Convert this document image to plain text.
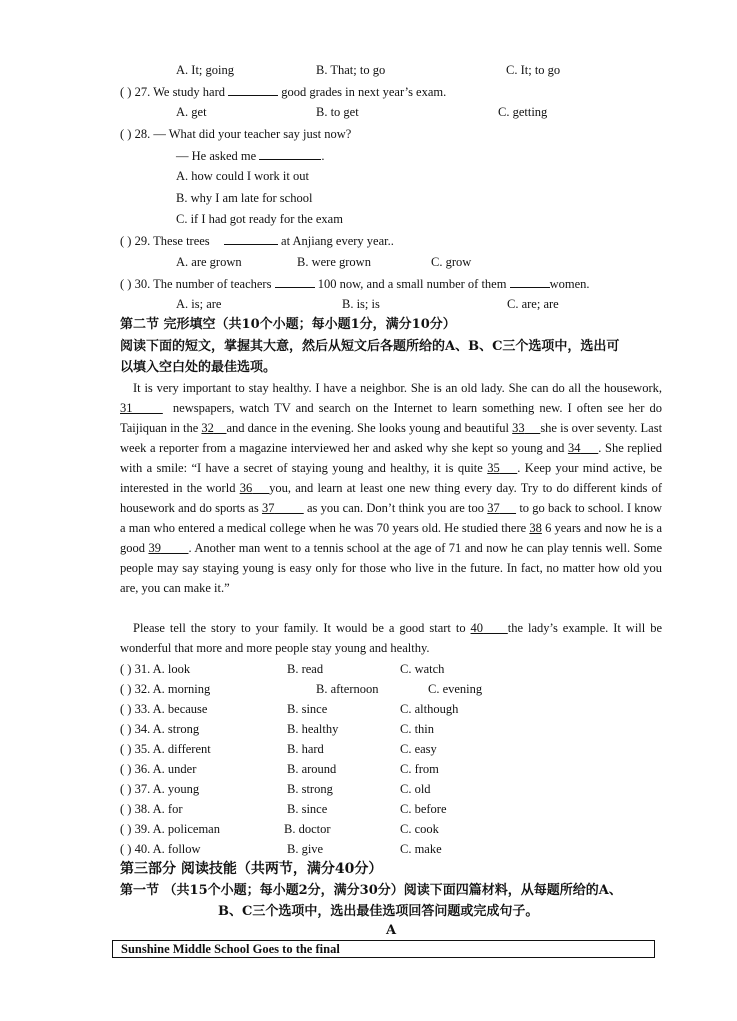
A. It; going	B. That; to go	C. It; to go
( ) 27. We study hard	good grades in next year’s exam.
A. get	B. to get	C. getting
( ) 28. — What did your teacher say just now?
— He asked me	.
A. how could I work it out
B. why I am late for school
C. if I had got ready for the exam
( ) 29. These trees	at Anjiang every year..
A. are grown	B. were grown	C. grow
( ) 30. The number of teachers	100 now, and a small number of them	women.
A. is; are	B. is; is	C. are; are
第二节 完形填空（共10个小题；每小题1分，满分10分）
阅读下面的短文，掌握其大意，然后从短文后各题所给的A、B、C三个选项中，选出可
以填入空白处的最佳选项。
It is very important to stay healthy. I have a neighbor. She is an old lady. She can do all the housework, 31	newspapers, watch TV and search on the Internet to learn something new. I often see her do Taijiquan in the 32 and dance in the evening. She looks young and beautiful 33 she is over seventy. Last week a reporter from a magazine interviewed her and asked why she kept so young and 34 . She replied with a smile: “I have a secret of staying young and healthy, it is quite 35 . Keep your mind active, be interested in the world 36 you, and learn at least one new thing every day. Try to do different kinds of housework and do sports as 37	as you can. Don’t think you are too 37 to go back to school. I know a man who entered a medical college when he was 70 years old. He studied there 38 6 years and now he is a good 39 . Another man went to a tennis school at the age of 71 and now he can play tennis well. Some people may say staying young is easy only for those who live in the future. In fact, no matter how old you are, you can make it.”
Please tell the story to your family. It would be a good start to 40 the lady’s example. It will be wonderful that more and more people stay young and healthy.
( ) 31. A. look	B. read	C. watch
( ) 32. A. morning	B. afternoon	C. evening
( ) 33. A. because	B. since	C. although
( ) 34. A. strong	B. healthy	C. thin
( ) 35. A. different	B. hard	C. easy
( ) 36. A. under	B. around	C. from
( ) 37. A. young	B. strong	C. old
( ) 38. A. for	B. since	C. before
( ) 39. A. policeman	B. doctor	C. cook
( ) 40. A. follow	B. give	C. make
第三部分 阅读技能（共两节，满分40分）
第一节 （共15个小题；每小题2分，满分30分）阅读下面四篇材料，从每题所给的A、
B、C三个选项中，选出最佳选项回答问题或完成句子。
A
Sunshine Middle School Goes to the final
